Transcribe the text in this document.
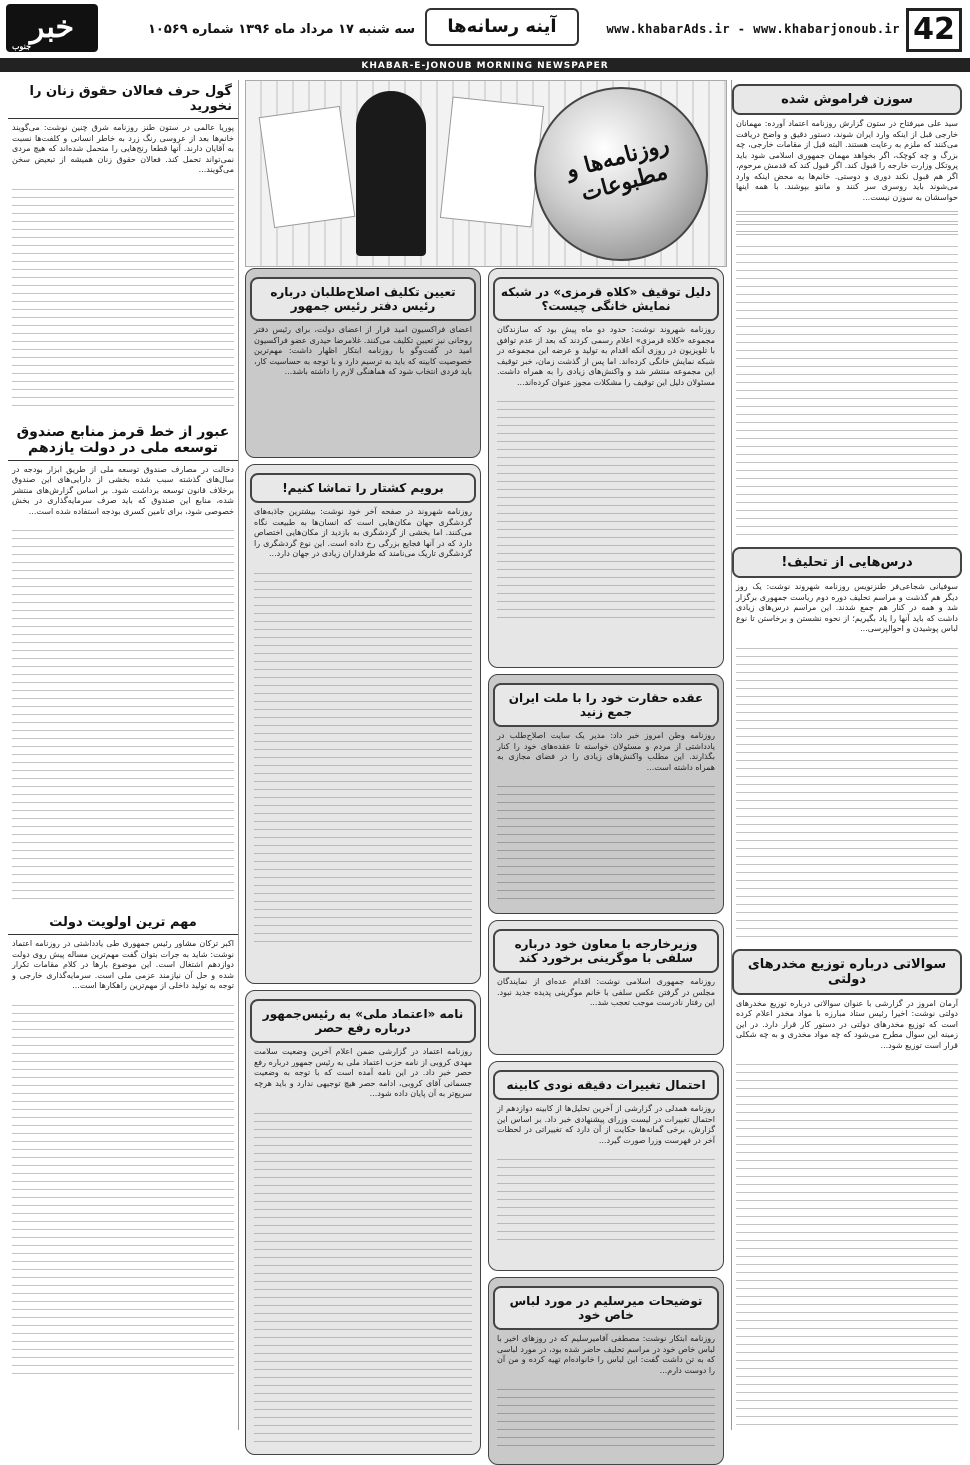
42
www.khabarAds.ir - www.khabarjonoub.ir
آینه رسانه‌ها
سه شنبه ۱۷ مرداد ماه ۱۳۹۶ شماره ۱۰۵۶۹
خبر
جنوب
KHABAR-E-JONOUB MORNING NEWSPAPER
سوزن فراموش شده
سید علی میرفتاح در ستون گزارش روزنامه اعتماد آورده: مهمانان خارجی قبل از اینکه وارد ایران شوند، دستور دقیق و واضح دریافت می‌کنند که ملزم به رعایت هستند. البته قبل از مقامات خارجی، چه بزرگ و چه کوچک، اگر بخواهد مهمان جمهوری اسلامی شود باید پروتکل وزارت خارجه را قبول کند. اگر قبول کند که قدمش مرحوم، اگر هم قبول نکند دوری و دوستی. خانم‌ها به محض اینکه وارد می‌شوند باید روسری سر کنند و مانتو بپوشند. با همه اینها حواسشان به سوزن نیست...
درس‌هایی از تحلیف!
سوفیانی شجاعی‌فر طنزنویس روزنامه شهروند نوشت: یک روز دیگر هم گذشت و مراسم تحلیف دوره دوم ریاست جمهوری برگزار شد و همه در کنار هم جمع شدند. این مراسم درس‌های زیادی داشت که باید آنها را یاد بگیریم؛ از نحوه نشستن و برخاستن تا نوع لباس پوشیدن و احوالپرسی...
سوالاتی درباره توزیع مخدرهای دولتی
آرمان امروز در گزارشی با عنوان سوالاتی درباره توزیع مخدرهای دولتی نوشت: اخیرا رئیس ستاد مبارزه با مواد مخدر اعلام کرده است که توزیع مخدرهای دولتی در دستور کار قرار دارد. در این زمینه این سوال مطرح می‌شود که چه مواد مخدری و به چه شکلی قرار است توزیع شود...
گول حرف فعالان حقوق زنان را نخورید
پوریا عالمی در ستون طنز روزنامه شرق چنین نوشت: می‌گویند خانم‌ها بعد از عروسی رنگ زرد به خاطر انسانی و کلفت‌ها نسبت به آقایان دارند. آنها قطعا رنج‌هایی را متحمل شده‌اند که هیچ مردی نمی‌تواند تحمل کند. فعالان حقوق زنان همیشه از تبعیض سخن می‌گویند...
عبور از خط قرمز منابع صندوق توسعه ملی در دولت یازدهم
دخالت در مصارف صندوق توسعه ملی از طریق ابزار بودجه در سال‌های گذشته سبب شده بخشی از دارایی‌های این صندوق برخلاف قانون توسعه برداشت شود. بر اساس گزارش‌های منتشر شده، منابع این صندوق که باید صرف سرمایه‌گذاری در بخش خصوصی شود، برای تامین کسری بودجه استفاده شده است...
مهم ترین اولویت دولت
اکبر ترکان مشاور رئیس جمهوری طی یادداشتی در روزنامه اعتماد نوشت: شاید به جرات بتوان گفت مهم‌ترین مساله پیش روی دولت دوازدهم اشتغال است. این موضوع بارها در کلام مقامات تکرار شده و حل آن نیازمند عزمی ملی است. سرمایه‌گذاری خارجی و توجه به تولید داخلی از مهم‌ترین راهکارها است...
روزنامه‌ها و مطبوعات
دلیل توقیف «کلاه قرمزی» در شبکه نمایش خانگی چیست؟
روزنامه شهروند نوشت: حدود دو ماه پیش بود که سازندگان مجموعه «کلاه قرمزی» اعلام رسمی کردند که بعد از عدم توافق با تلویزیون در روزی آنکه اقدام به تولید و عرضه این مجموعه در شبکه نمایش خانگی کرده‌اند. اما پس از گذشت زمان، خبر توقیف این مجموعه منتشر شد و واکنش‌های زیادی را به همراه داشت. مسئولان دلیل این توقیف را مشکلات مجوز عنوان کرده‌اند...
عقده حقارت خود را با ملت ایران جمع زنید
روزنامه وطن امروز خبر داد: مدیر یک سایت اصلاح‌طلب در یادداشتی از مردم و مسئولان خواسته تا عقده‌های خود را کنار بگذارند. این مطلب واکنش‌های زیادی را در فضای مجازی به همراه داشته است...
وزیرخارجه با معاون خود درباره سلفی با موگرینی برخورد کند
روزنامه جمهوری اسلامی نوشت: اقدام عده‌ای از نمایندگان مجلس در گرفتن عکس سلفی با خانم موگرینی پدیده جدید نبود. این رفتار نادرست موجب تعجب شد...
احتمال تغییرات دقیقه نودی کابینه
روزنامه همدلی در گزارشی از آخرین تحلیل‌ها از کابینه دوازدهم از احتمال تغییرات در لیست وزرای پیشنهادی خبر داد. بر اساس این گزارش، برخی گمانه‌ها حکایت از آن دارد که تغییراتی در لحظات آخر در فهرست وزرا صورت گیرد...
توضیحات میرسلیم در مورد لباس خاص خود
روزنامه ابتکار نوشت: مصطفی آقامیرسلیم که در روزهای اخیر با لباس خاص خود در مراسم تحلیف حاضر شده بود، در مورد لباسی که به تن داشت گفت: این لباس را خانواده‌ام تهیه کرده و من آن را دوست دارم...
تعیین تکلیف اصلاح‌طلبان درباره رئیس دفتر رئیس جمهور
اعضای فراکسیون امید قرار از اعضای دولت، برای رئیس دفتر روحانی نیز تعیین تکلیف می‌کنند. غلامرضا حیدری عضو فراکسیون امید در گفت‌وگو با روزنامه ابتکار اظهار داشت: مهم‌ترین خصوصیت کابینه که باید به ترسیم دارد و با توجه به حساسیت کار، باید فردی انتخاب شود که هماهنگی لازم را داشته باشد...
برویم کشتار را تماشا کنیم!
روزنامه شهروند در صفحه آخر خود نوشت: بیشترین جاذبه‌های گردشگری جهان مکان‌هایی است که انسان‌ها به طبیعت نگاه می‌کنند. اما بخشی از گردشگری به بازدید از مکان‌هایی اختصاص دارد که در آنها فجایع بزرگی رخ داده است. این نوع گردشگری را گردشگری تاریک می‌نامند که طرفداران زیادی در جهان دارد...
نامه «اعتماد ملی» به رئیس‌جمهور درباره رفع حصر
روزنامه اعتماد در گزارشی ضمن اعلام آخرین وضعیت سلامت مهدی کروبی از نامه حزب اعتماد ملی به رئیس جمهور درباره رفع حصر خبر داد. در این نامه آمده است که با توجه به وضعیت جسمانی آقای کروبی، ادامه حصر هیچ توجیهی ندارد و باید هرچه سریع‌تر به آن پایان داده شود...
